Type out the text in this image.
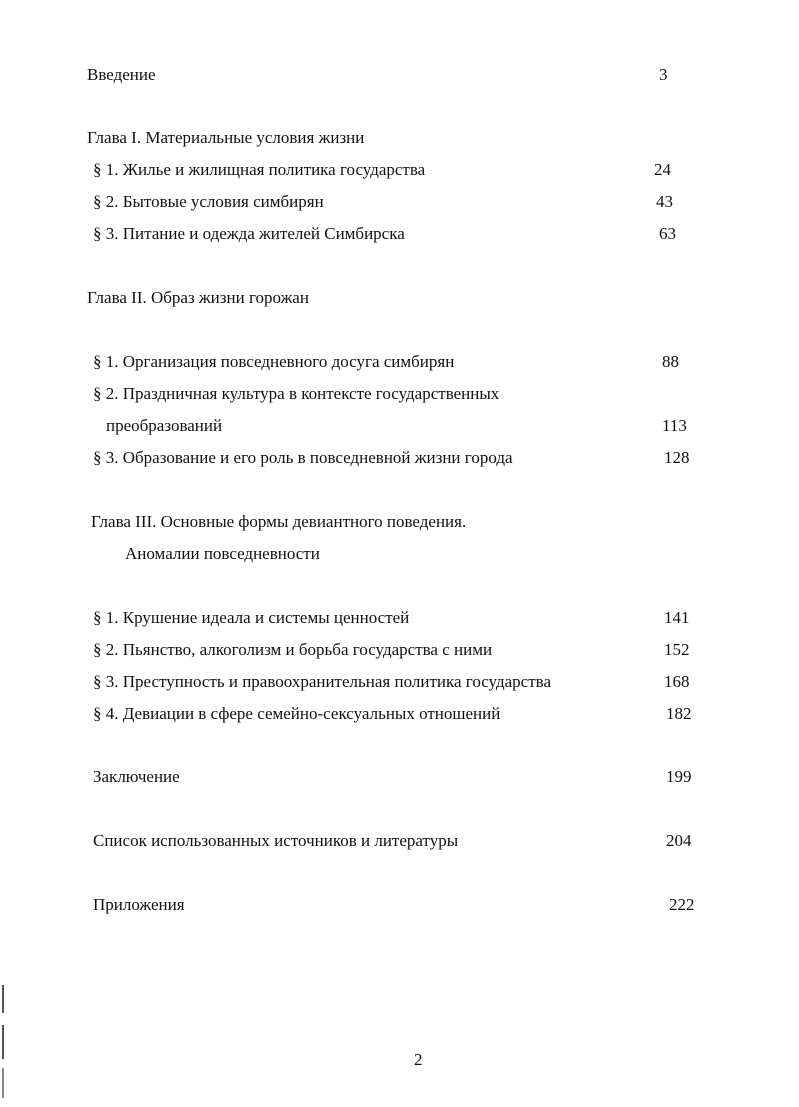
Введение	3
Глава I. Материальные условия жизни
§ 1. Жилье и жилищная политика государства	24
§ 2. Бытовые условия симбирян	43
§ 3. Питание и одежда жителей Симбирска	63
Глава II. Образ жизни горожан
§ 1. Организация повседневного досуга симбирян	88
§ 2. Праздничная культура в контексте государственных
преобразований	113
§ 3. Образование и его роль в повседневной жизни города	128
Глава III. Основные формы девиантного поведения.
Аномалии повседневности
§ 1. Крушение идеала и системы ценностей	141
§ 2. Пьянство, алкоголизм и борьба государства с ними	152
§ 3. Преступность и правоохранительная политика государства	168
§ 4. Девиации в сфере семейно-сексуальных отношений	182
Заключение	199
Список использованных источников и литературы	204
Приложения	222
2
